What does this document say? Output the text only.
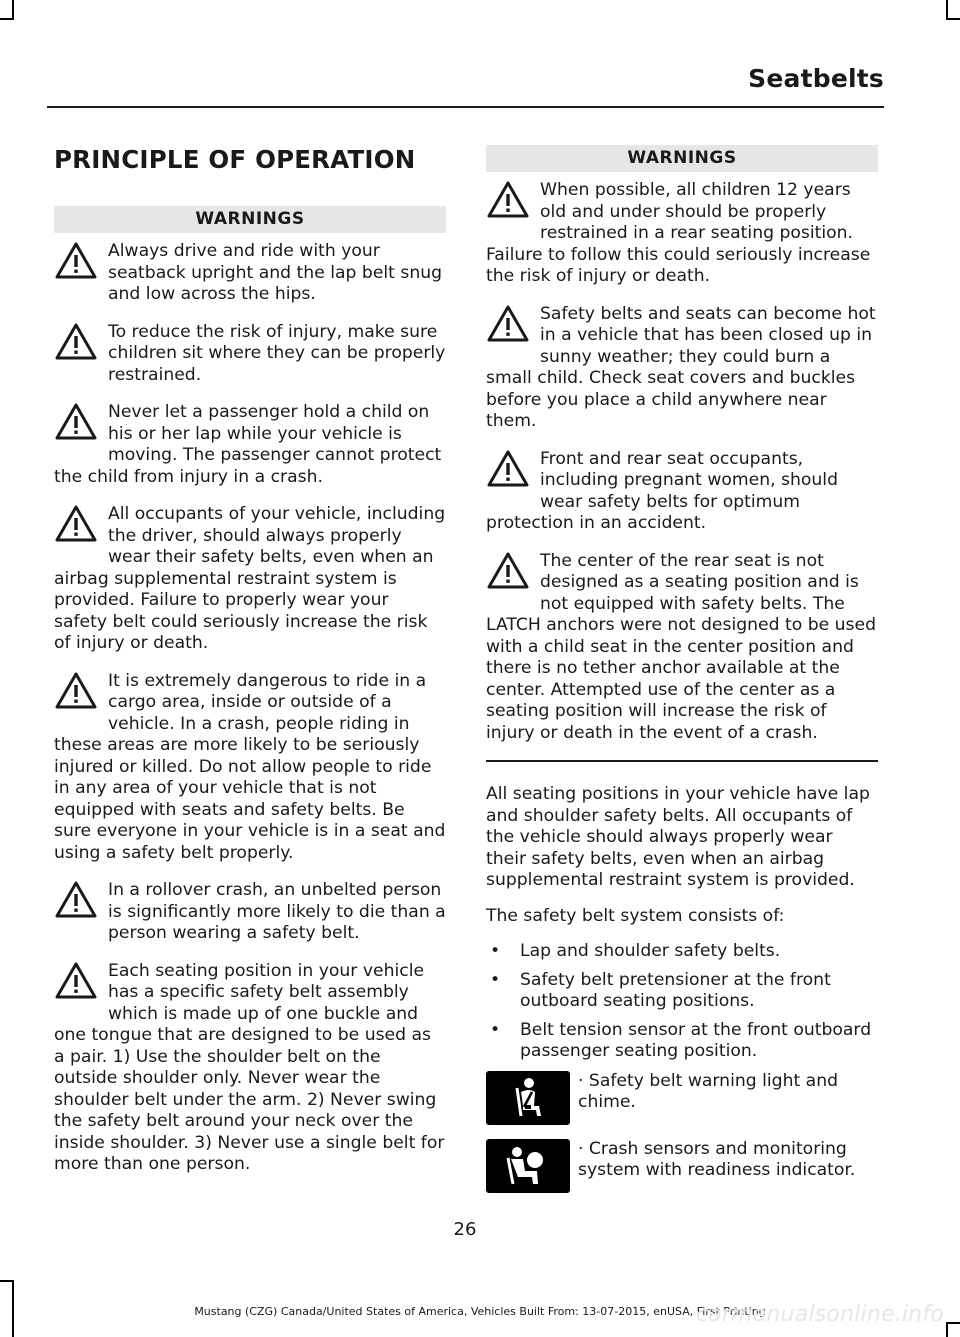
Seatbelts
PRINCIPLE OF OPERATION
WARNINGS
Always drive and ride with your seatback upright and the lap belt snug and low across the hips.
To reduce the risk of injury, make sure children sit where they can be properly restrained.
Never let a passenger hold a child on his or her lap while your vehicle is moving. The passenger cannot protect the child from injury in a crash.
All occupants of your vehicle, including the driver, should always properly wear their safety belts, even when an airbag supplemental restraint system is provided. Failure to properly wear your safety belt could seriously increase the risk of injury or death.
It is extremely dangerous to ride in a cargo area, inside or outside of a vehicle. In a crash, people riding in these areas are more likely to be seriously injured or killed. Do not allow people to ride in any area of your vehicle that is not equipped with seats and safety belts. Be sure everyone in your vehicle is in a seat and using a safety belt properly.
In a rollover crash, an unbelted person is significantly more likely to die than a person wearing a safety belt.
Each seating position in your vehicle has a specific safety belt assembly which is made up of one buckle and one tongue that are designed to be used as a pair. 1) Use the shoulder belt on the outside shoulder only. Never wear the shoulder belt under the arm. 2) Never swing the safety belt around your neck over the inside shoulder. 3) Never use a single belt for more than one person.
WARNINGS
When possible, all children 12 years old and under should be properly restrained in a rear seating position. Failure to follow this could seriously increase the risk of injury or death.
Safety belts and seats can become hot in a vehicle that has been closed up in sunny weather; they could burn a small child. Check seat covers and buckles before you place a child anywhere near them.
Front and rear seat occupants, including pregnant women, should wear safety belts for optimum protection in an accident.
The center of the rear seat is not designed as a seating position and is not equipped with safety belts. The LATCH anchors were not designed to be used with a child seat in the center position and there is no tether anchor available at the center. Attempted use of the center as a seating position will increase the risk of injury or death in the event of a crash.

All seating positions in your vehicle have lap and shoulder safety belts. All occupants of the vehicle should always properly wear their safety belts, even when an airbag supplemental restraint system is provided.

The safety belt system consists of:

• Lap and shoulder safety belts.
• Safety belt pretensioner at the front outboard seating positions.
• Belt tension sensor at the front outboard passenger seating position.
· Safety belt warning light and chime.
· Crash sensors and monitoring system with readiness indicator.
26
Mustang (CZG) Canada/United States of America, Vehicles Built From: 13-07-2015, enUSA, First Printing
carmanualsonline.info
